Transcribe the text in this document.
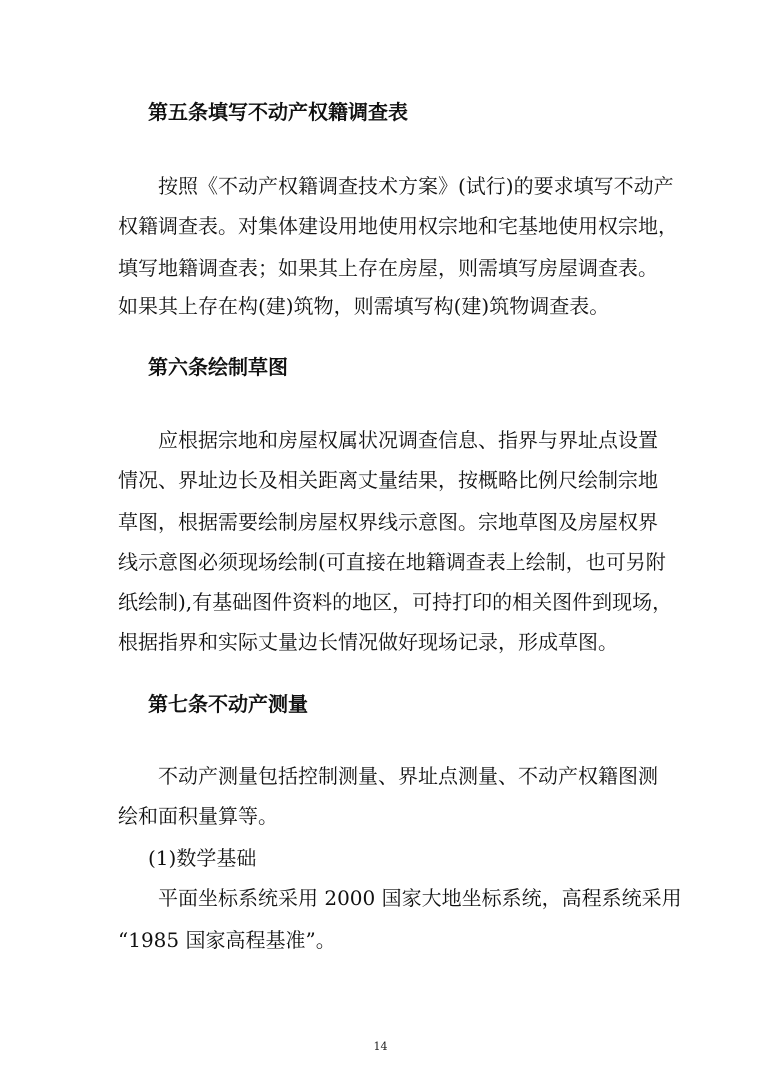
第五条填写不动产权籍调查表
按照《不动产权籍调查技术方案》(试行)的要求填写不动产
权籍调查表。对集体建设用地使用权宗地和宅基地使用权宗地，
填写地籍调查表；如果其上存在房屋，则需填写房屋调查表。
如果其上存在构(建)筑物，则需填写构(建)筑物调查表。
第六条绘制草图
应根据宗地和房屋权属状况调查信息、指界与界址点设置
情况、界址边长及相关距离丈量结果，按概略比例尺绘制宗地
草图，根据需要绘制房屋权界线示意图。宗地草图及房屋权界
线示意图必须现场绘制(可直接在地籍调查表上绘制，也可另附
纸绘制),有基础图件资料的地区，可持打印的相关图件到现场，
根据指界和实际丈量边长情况做好现场记录，形成草图。
第七条不动产测量
不动产测量包括控制测量、界址点测量、不动产权籍图测
绘和面积量算等。
(1)数学基础
平面坐标系统采用 2000 国家大地坐标系统，高程系统采用
“1985 国家高程基准”。
14
